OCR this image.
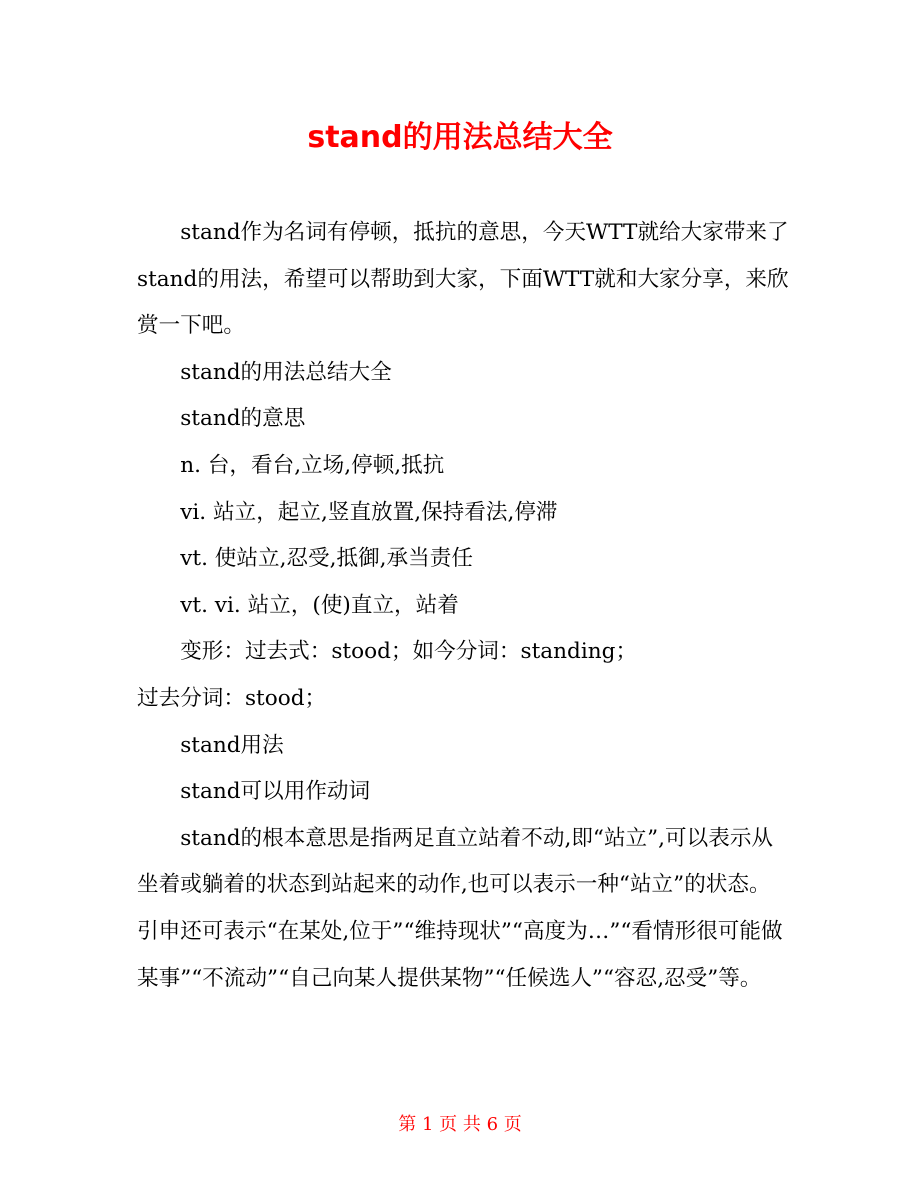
stand的用法总结大全

stand作为名词有停顿，抵抗的意思，今天WTT就给大家带来了stand的用法，希望可以帮助到大家，下面WTT就和大家分享，来欣赏一下吧。

stand的用法总结大全

stand的意思

n. 台，看台,立场,停顿,抵抗

vi. 站立，起立,竖直放置,保持看法,停滞

vt. 使站立,忍受,抵御,承当责任

vt. vi. 站立，(使)直立，站着

变形：过去式：stood；如今分词：standing；

过去分词：stood；

stand用法

stand可以用作动词

stand的根本意思是指两足直立站着不动,即“站立”,可以表示从坐着或躺着的状态到站起来的动作,也可以表示一种“站立”的状态。引申还可表示“在某处,位于”“维持现状”“高度为…”“看情形很可能做某事”“不流动”“自己向某人提供某物”“任候选人”“容忍,忍受”等。

第 1 页 共 6 页
